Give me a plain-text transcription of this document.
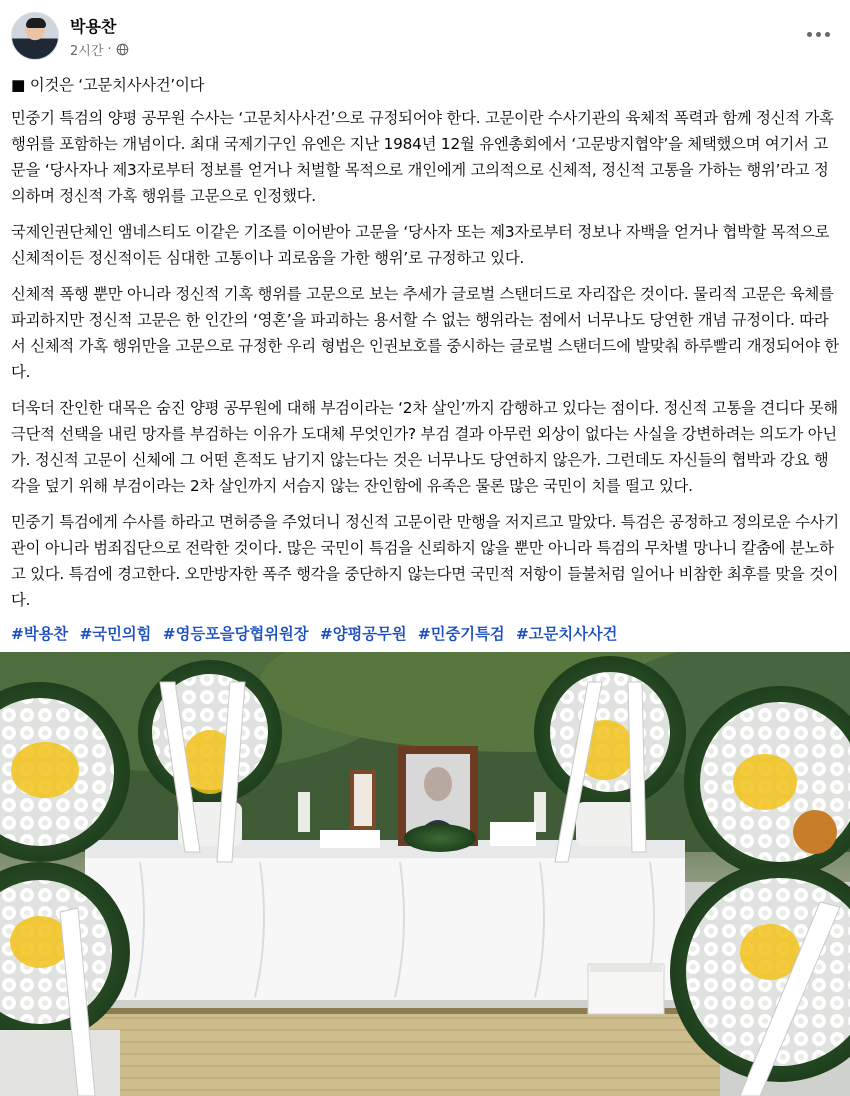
박용찬
2시간 ·

■ 이것은 ‘고문치사사건’이다

민중기 특검의 양평 공무원 수사는 ‘고문치사사건’으로 규정되어야 한다. 고문이란 수사기관의 육체적 폭력과 함께 정신적 가혹 행위를 포함하는 개념이다. 최대 국제기구인 유엔은 지난 1984년 12월 유엔총회에서 ‘고문방지협약’을 체택했으며 여기서 고문을 ‘당사자나 제3자로부터 정보를 얻거나 처벌할 목적으로 개인에게 고의적으로 신체적, 정신적 고통을 가하는 행위’라고 정의하며 정신적 가혹 행위를 고문으로 인정했다.

국제인권단체인 앰네스티도 이같은 기조를 이어받아 고문을 ‘당사자 또는 제3자로부터 정보나 자백을 얻거나 협박할 목적으로 신체적이든 정신적이든 심대한 고통이나 괴로움을 가한 행위’로 규정하고 있다.

신체적 폭행 뿐만 아니라 정신적 기혹 행위를 고문으로 보는 추세가 글로벌 스탠더드로 자리잡은 것이다. 물리적 고문은 육체를 파괴하지만 정신적 고문은 한 인간의 ‘영혼’을 파괴하는 용서할 수 없는 행위라는 점에서 너무나도 당연한 개념 규정이다. 따라서 신체적 가혹 행위만을 고문으로 규정한 우리 형법은 인권보호를 중시하는 글로벌 스탠더드에 발맞춰 하루빨리 개정되어야 한다.

더욱더 잔인한 대목은 숨진 양평 공무원에 대해 부검이라는 ‘2차 살인’까지 감행하고 있다는 점이다. 정신적 고통을 견디다 못해 극단적 선택을 내린 망자를 부검하는 이유가 도대체 무엇인가? 부검 결과 아무런 외상이 없다는 사실을 강변하려는 의도가 아닌가. 정신적 고문이 신체에 그 어떤 흔적도 남기지 않는다는 것은 너무나도 당연하지 않은가. 그런데도 자신들의 협박과 강요 행각을 덮기 위해 부검이라는 2차 살인까지 서슴지 않는 잔인함에 유족은 물론 많은 국민이 치를 떨고 있다.

민중기 특검에게 수사를 하라고 면허증을 주었더니 정신적 고문이란 만행을 저지르고 말았다. 특검은 공정하고 정의로운 수사기관이 아니라 범죄집단으로 전락한 것이다. 많은 국민이 특검을 신뢰하지 않을 뿐만 아니라 특검의 무차별 망나니 칼춤에 분노하고 있다. 특검에 경고한다. 오만방자한 폭주 행각을 중단하지 않는다면 국민적 저항이 들불처럼 일어나 비참한 최후를 맞을 것이다.

#박용찬 #국민의힘 #영등포을당협위원장 #양평공무원 #민중기특검 #고문치사사건
